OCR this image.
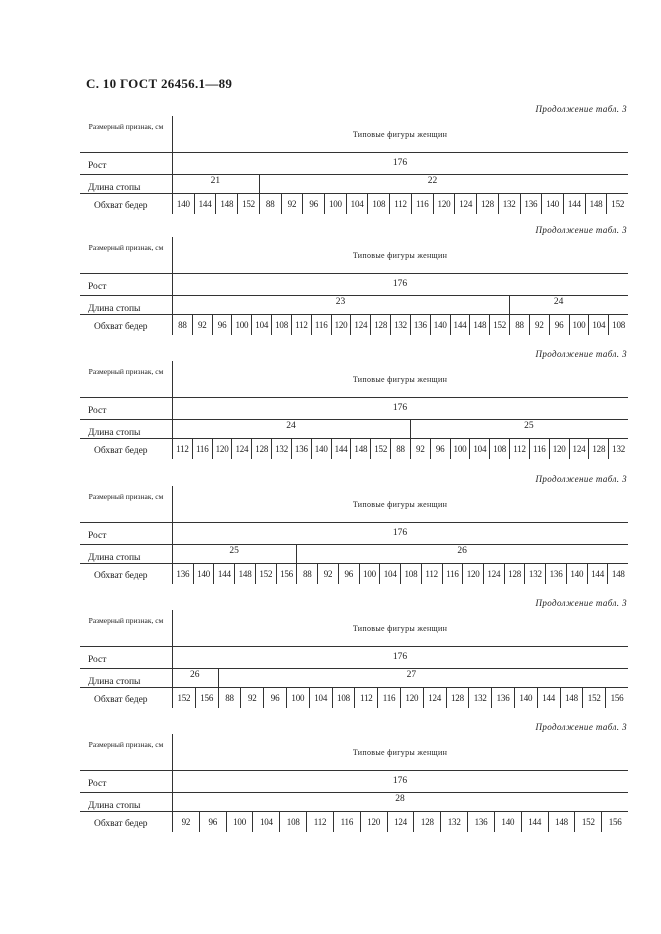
С. 10 ГОСТ 26456.1—89
Размерный признак, см
Типовые фигуры женщин
Рост	176
Длина стопы
21	22
Обхват бедер	140 144 148 152	88	92	96	100 104 108 112	116 120 124 128 132 136 140 144 148 152
Размерный признак, см
Типовые фигуры женщин
Рост	176
Длина стопы
23	24
Обхват бедер	88	92	96	100 104 108 112 116 120 124 128 132 136 140 144 148 152	88	92	96	100 104 108
Размерный признак, см
Типовые фигуры женщин
Рост	176
Длина стопы
24	25
Обхват бедер	112 116 120 124 128 132 136 140 144 148 152	88	92	96	100 104 108 112 116 120 124 128 132
Размерный признак, см
Типовые фигуры женщин
Рост	176
Длина стопы
25	26
Обхват бедер	136 140 144 148 152 156	88	92	96	100 104 108 112 116 120 124 128 132 136 140 144 148
Размерный признак, см
Типовые фигуры женщин
Рост	176
Длина стопы
26	27
Обхват бедер	152	156	88	92	96	100	104	108	112	116	120	124	128	132	136	140	144	148	152	156
Размерный признак, см
Типовые фигуры женщин
Рост	176
Длина стопы
28
Обхват бедер	92	96	100	104	108	112	116	120	124	128	132	136	140	144	148	152	156
Продолжение табл. 3
Продолжение табл. 3
Продолжение табл. 3
Продолжение табл. 3
Продолжение табл. 3
Продолжение табл. 3
